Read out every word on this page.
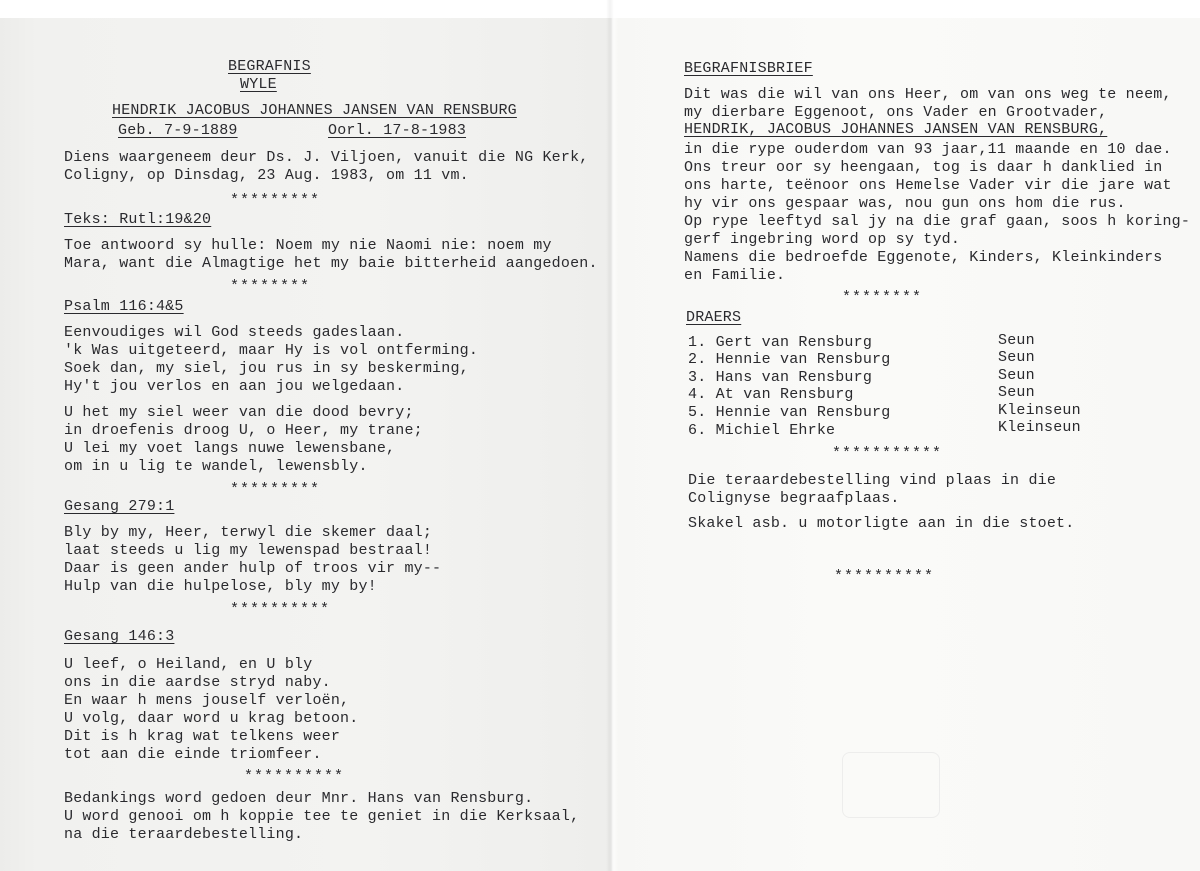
BEGRAFNIS
WYLE
HENDRIK JACOBUS JOHANNES JANSEN VAN RENSBURG
Geb. 7-9-1889	Oorl. 17-8-1983
Diens waargeneem deur Ds. J. Viljoen, vanuit die NG Kerk,
Coligny, op Dinsdag, 23 Aug. 1983, om 11 vm.
*********
Teks: Rutl:19&20
Toe antwoord sy hulle: Noem my nie Naomi nie: noem my
Mara, want die Almagtige het my baie bitterheid aangedoen.
********
Psalm 116:4&5
Eenvoudiges wil God steeds gadeslaan.
'k Was uitgeteerd, maar Hy is vol ontferming.
Soek dan, my siel, jou rus in sy beskerming,
Hy't jou verlos en aan jou welgedaan.
U het my siel weer van die dood bevry;
in droefenis droog U, o Heer, my trane;
U lei my voet langs nuwe lewensbane,
om in u lig te wandel, lewensbly.
*********
Gesang 279:1
Bly by my, Heer, terwyl die skemer daal;
laat steeds u lig my lewenspad bestraal!
Daar is geen ander hulp of troos vir my--
Hulp van die hulpelose, bly my by!
**********
Gesang 146:3
U leef, o Heiland, en U bly
ons in die aardse stryd naby.
En waar h mens jouself verloën,
U volg, daar word u krag betoon.
Dit is h krag wat telkens weer
tot aan die einde triomfeer.
**********
Bedankings word gedoen deur Mnr. Hans van Rensburg.
U word genooi om h koppie tee te geniet in die Kerksaal,
na die teraardebestelling.
BEGRAFNISBRIEF
Dit was die wil van ons Heer, om van ons weg te neem,
my dierbare Eggenoot, ons Vader en Grootvader,
HENDRIK, JACOBUS JOHANNES JANSEN VAN RENSBURG,
in die rype ouderdom van 93 jaar,11 maande en 10 dae.
Ons treur oor sy heengaan, tog is daar h danklied in
ons harte, teënoor ons Hemelse Vader vir die jare wat
hy vir ons gespaar was, nou gun ons hom die rus.
Op rype leeftyd sal jy na die graf gaan, soos h koring-
gerf ingebring word op sy tyd.
Namens die bedroefde Eggenote, Kinders, Kleinkinders
en Familie.
********
DRAERS
1. Gert van Rensburg	Seun
2. Hennie van Rensburg	Seun
3. Hans van Rensburg	Seun
4. At van Rensburg	Seun
5. Hennie van Rensburg	Kleinseun
6. Michiel Ehrke	Kleinseun
***********
Die teraardebestelling vind plaas in die
Colignyse begraafplaas.
Skakel asb. u motorligte aan in die stoet.
**********
